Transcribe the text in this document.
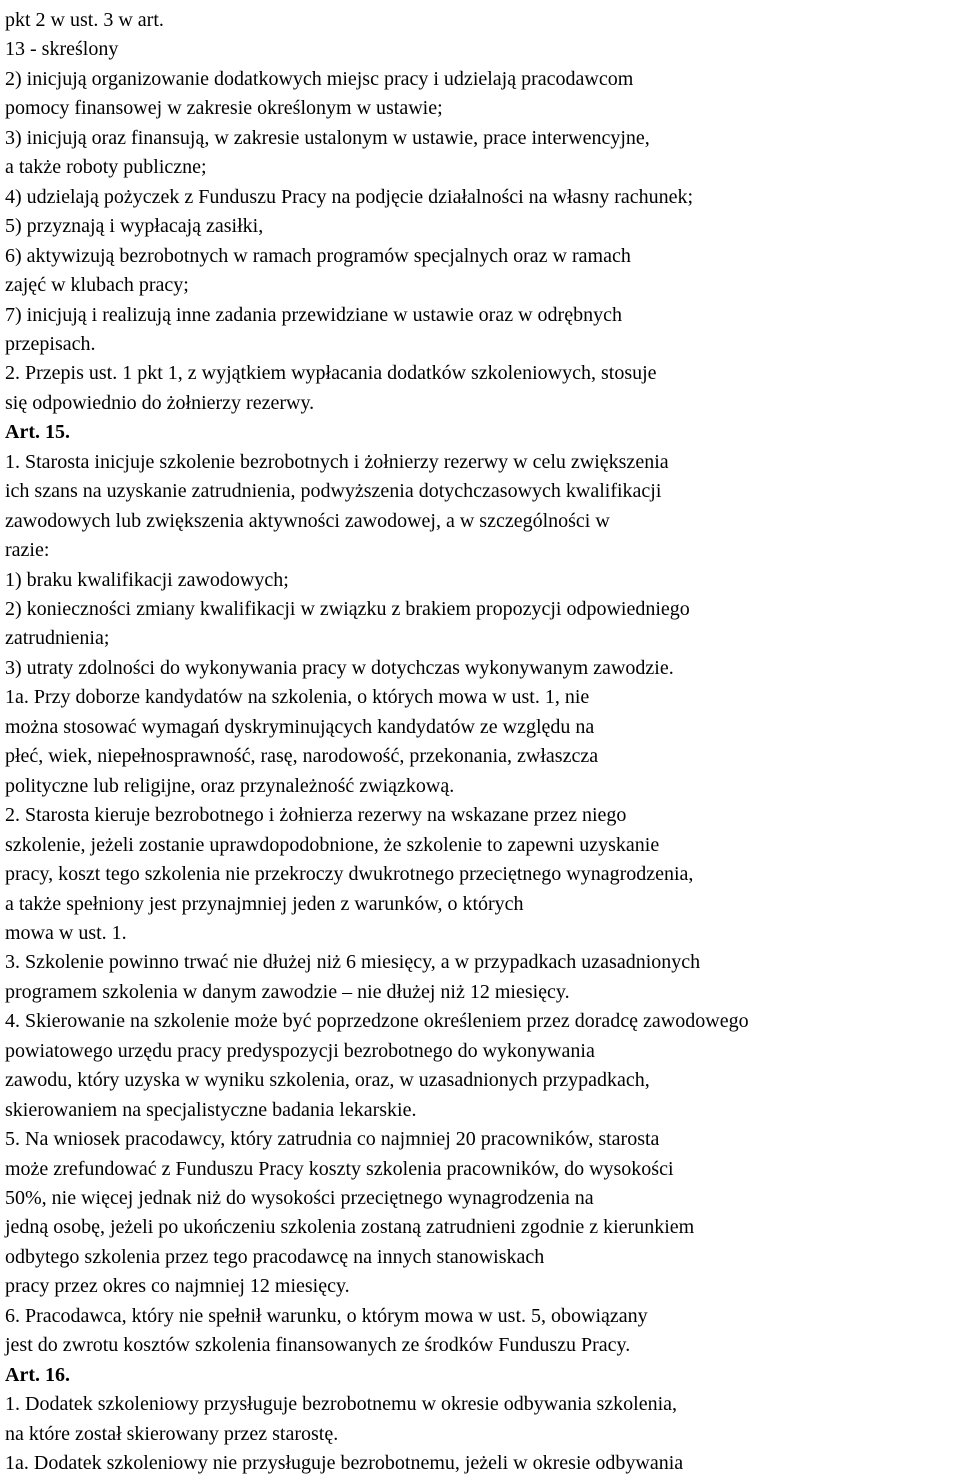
pkt 2 w ust. 3 w art.

13 - skreślony

2) inicjują organizowanie dodatkowych miejsc pracy i udzielają pracodawcom

pomocy finansowej w zakresie określonym w ustawie;

3) inicjują oraz finansują, w zakresie ustalonym w ustawie, prace interwencyjne,

a także roboty publiczne;

4) udzielają pożyczek z Funduszu Pracy na podjęcie działalności na własny rachunek;

5) przyznają i wypłacają zasiłki,

6) aktywizują bezrobotnych w ramach programów specjalnych oraz w ramach

zajęć w klubach pracy;

7) inicjują i realizują inne zadania przewidziane w ustawie oraz w odrębnych

przepisach.

2. Przepis ust. 1 pkt 1, z wyjątkiem wypłacania dodatków szkoleniowych, stosuje

się odpowiednio do żołnierzy rezerwy.

Art. 15.

1. Starosta inicjuje szkolenie bezrobotnych i żołnierzy rezerwy w celu zwiększenia

ich szans na uzyskanie zatrudnienia, podwyższenia dotychczasowych kwalifikacji

zawodowych lub zwiększenia aktywności zawodowej, a w szczególności w

razie:

1) braku kwalifikacji zawodowych;

2) konieczności zmiany kwalifikacji w związku z brakiem propozycji odpowiedniego

zatrudnienia;

3) utraty zdolności do wykonywania pracy w dotychczas wykonywanym zawodzie.

1a. Przy doborze kandydatów na szkolenia, o których mowa w ust. 1, nie

można stosować wymagań dyskryminujących kandydatów ze względu na

płeć, wiek, niepełnosprawność, rasę, narodowość, przekonania, zwłaszcza

polityczne lub religijne, oraz przynależność związkową.

2. Starosta kieruje bezrobotnego i żołnierza rezerwy na wskazane przez niego

szkolenie, jeżeli zostanie uprawdopodobnione, że szkolenie to zapewni uzyskanie

pracy, koszt tego szkolenia nie przekroczy dwukrotnego przeciętnego wynagrodzenia,

a także spełniony jest przynajmniej jeden z warunków, o których

mowa w ust. 1.

3. Szkolenie powinno trwać nie dłużej niż 6 miesięcy, a w przypadkach uzasadnionych

programem szkolenia w danym zawodzie – nie dłużej niż 12 miesięcy.

4. Skierowanie na szkolenie może być poprzedzone określeniem przez doradcę zawodowego

powiatowego urzędu pracy predyspozycji bezrobotnego do wykonywania

zawodu, który uzyska w wyniku szkolenia, oraz, w uzasadnionych przypadkach,

skierowaniem na specjalistyczne badania lekarskie.

5. Na wniosek pracodawcy, który zatrudnia co najmniej 20 pracowników, starosta

może zrefundować z Funduszu Pracy koszty szkolenia pracowników, do wysokości

50%, nie więcej jednak niż do wysokości przeciętnego wynagrodzenia na

jedną osobę, jeżeli po ukończeniu szkolenia zostaną zatrudnieni zgodnie z kierunkiem

odbytego szkolenia przez tego pracodawcę na innych stanowiskach

pracy przez okres co najmniej 12 miesięcy.

6. Pracodawca, który nie spełnił warunku, o którym mowa w ust. 5, obowiązany

jest do zwrotu kosztów szkolenia finansowanych ze środków Funduszu Pracy.

Art. 16.

1. Dodatek szkoleniowy przysługuje bezrobotnemu w okresie odbywania szkolenia,

na które został skierowany przez starostę.

1a. Dodatek szkoleniowy nie przysługuje bezrobotnemu, jeżeli w okresie odbywania
